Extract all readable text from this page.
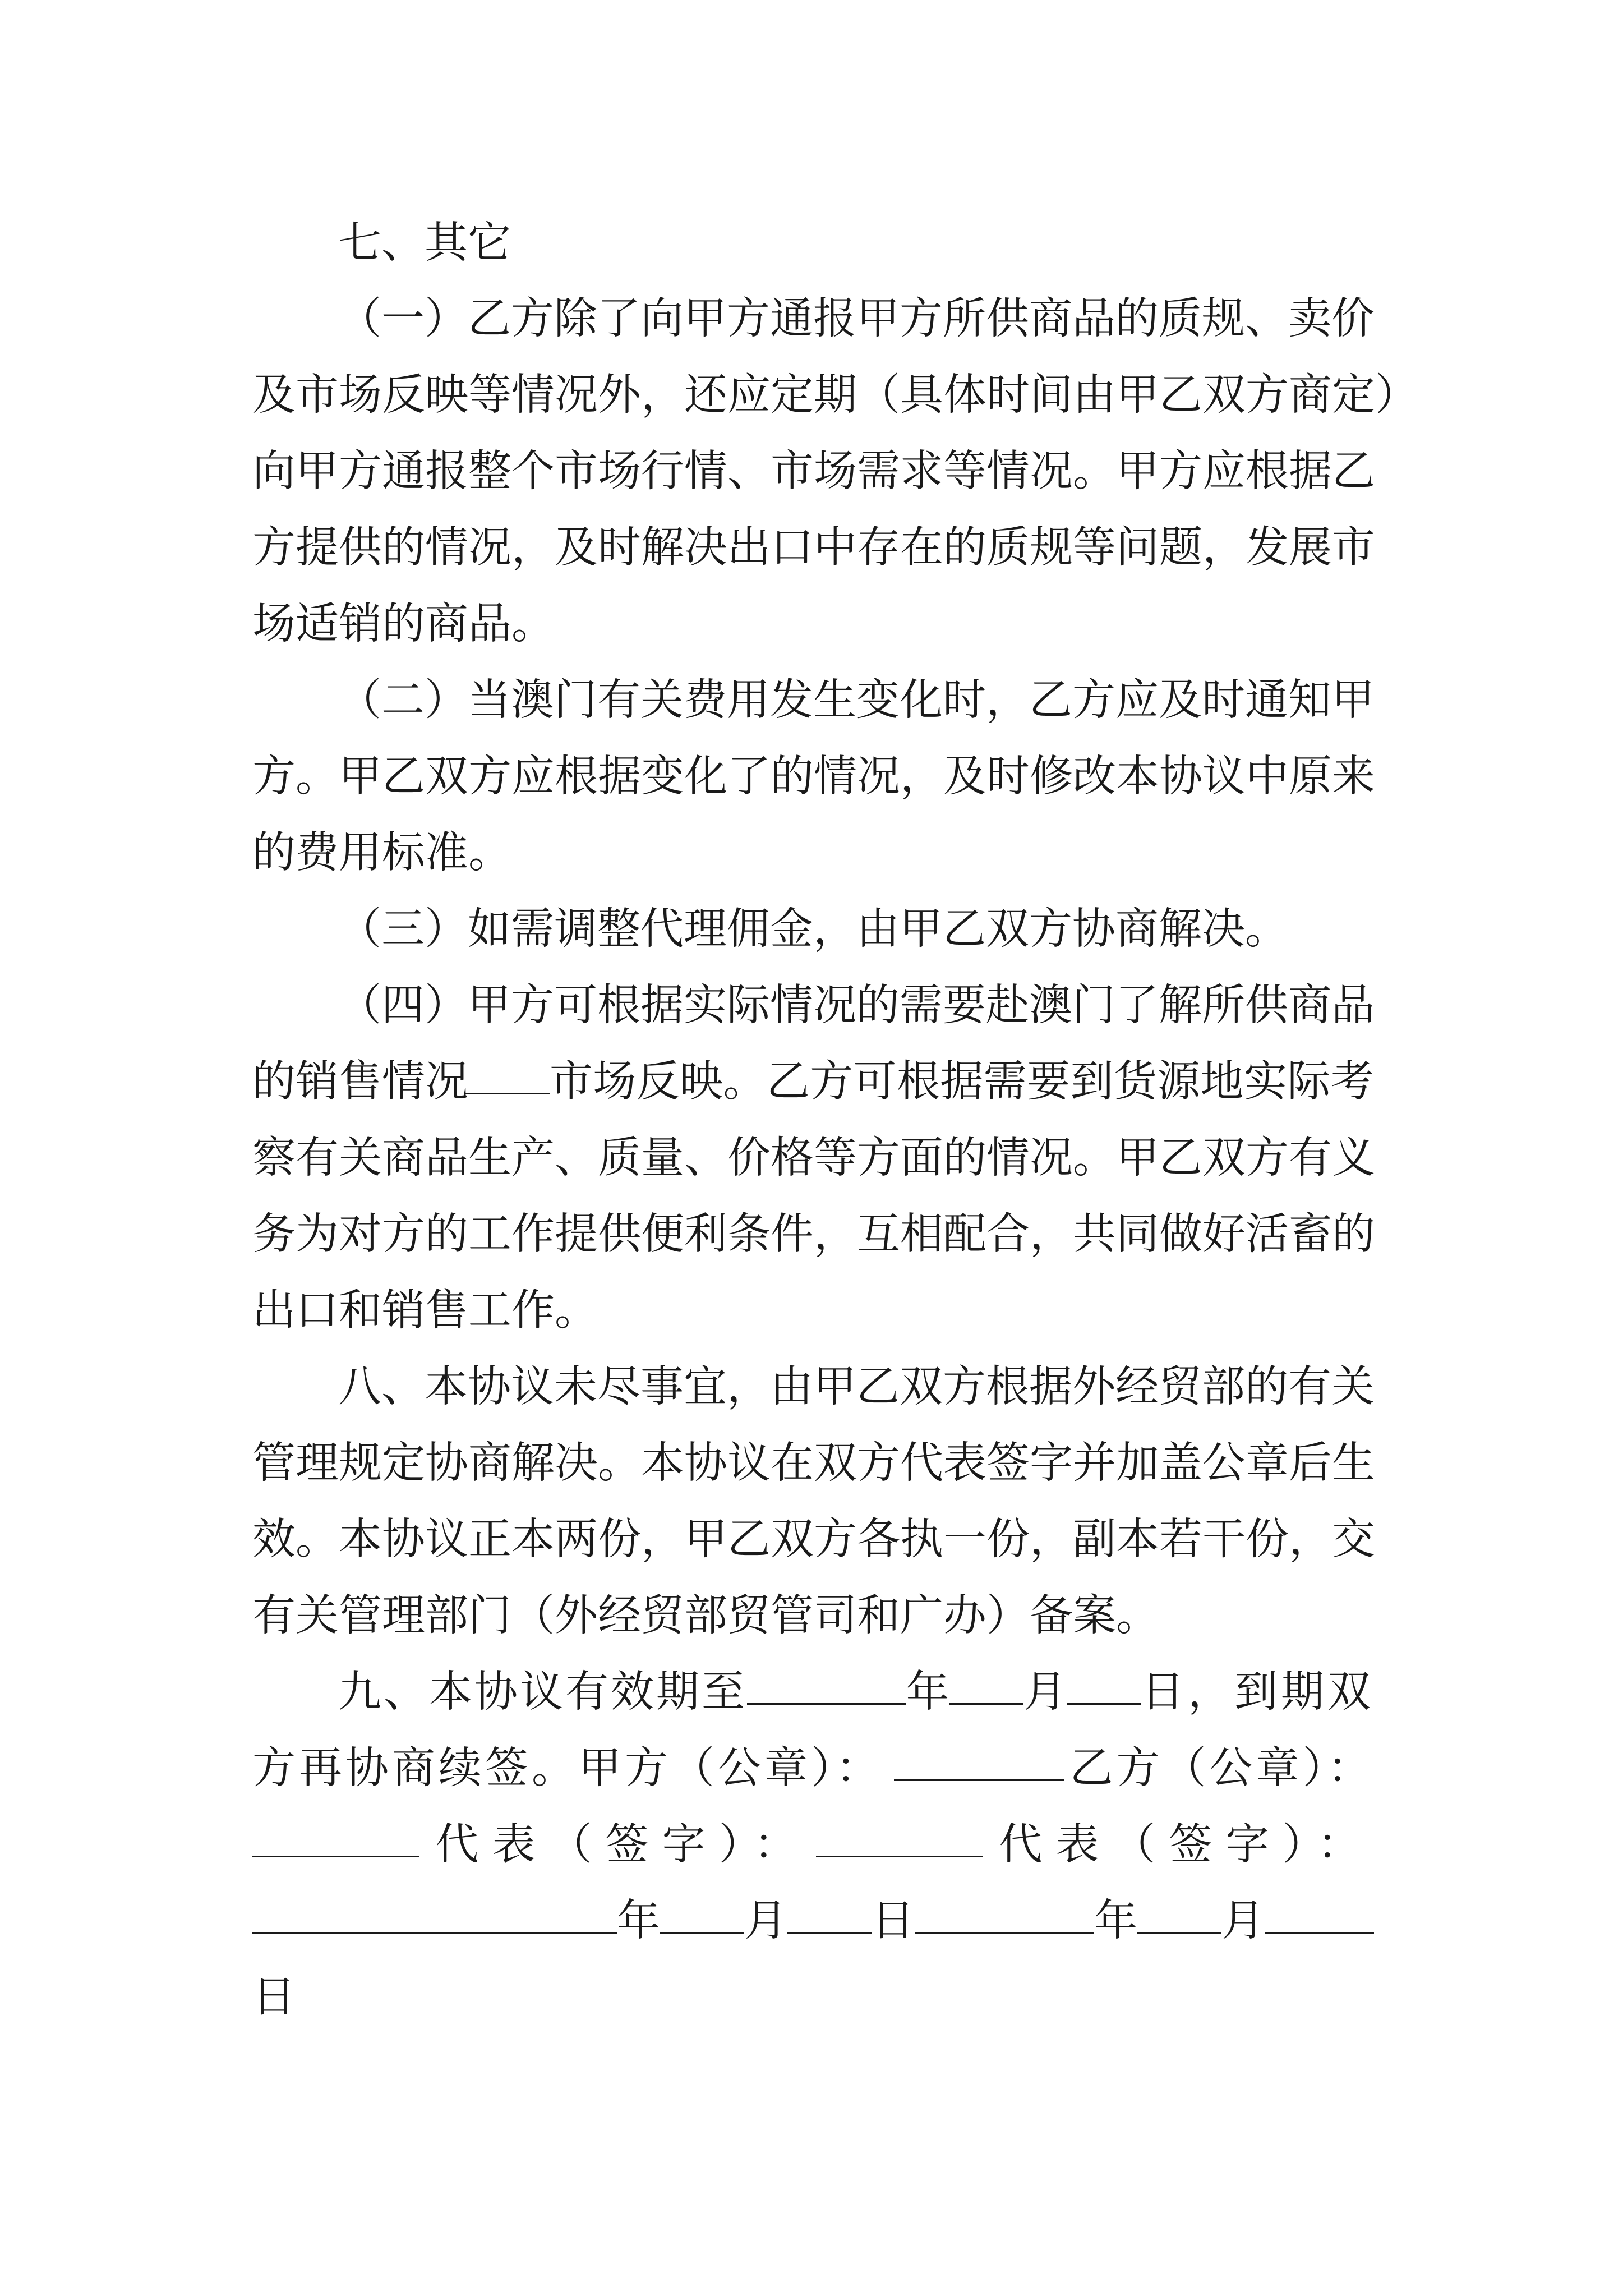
七、其它
（ 一 ） 乙 方 除 了 向 甲 方 通 报 甲 方 所 供 商 品 的 质 规 、 卖 价
及 市 场 反 映 等 情 况 外 ， 还 应 定 期 （ 具 体 时 间 由 甲 乙 双 方 商 定 ）
向 甲 方 通 报 整 个 市 场 行 情 、 市 场 需 求 等 情 况 。 甲 方 应 根 据 乙
方 提 供 的 情 况 ， 及 时 解 决 出 口 中 存 在 的 质 规 等 问 题 ， 发 展 市
场适销的商品。
（ 二 ） 当 澳 门 有 关 费 用 发 生 变 化 时 ， 乙 方 应 及 时 通 知 甲
方 。 甲 乙 双 方 应 根 据 变 化 了 的 情 况 ， 及 时 修 改 本 协 议 中 原 来
的费用标准。
（三）如需调整代理佣金，由甲乙双方协商解决。
（ 四 ） 甲 方 可 根 据 实 际 情 况 的 需 要 赴 澳 门 了 解 所 供 商 品
的 销 售 情 况 市 场 反 映 。 乙 方 可 根 据 需 要 到 货 源 地 实 际 考
察 有 关 商 品 生 产 、 质 量 、 价 格 等 方 面 的 情 况 。 甲 乙 双 方 有 义
务 为 对 方 的 工 作 提 供 便 利 条 件 ， 互 相 配 合 ， 共 同 做 好 活 畜 的
出口和销售工作。
八 、 本 协 议 未 尽 事 宜 ， 由 甲 乙 双 方 根 据 外 经 贸 部 的 有 关
管 理 规 定 协 商 解 决 。 本 协 议 在 双 方 代 表 签 字 并 加 盖 公 章 后 生
效 。 本 协 议 正 本 两 份 ， 甲 乙 双 方 各 执 一 份 ， 副 本 若 干 份 ， 交
有关管理部门（外经贸部贸管司和广办）备案。
九、本协议有效期至	年 月 日，到期双
方再协商续签。甲方（公章）：	乙方（公章）：
代表（签字）：	代表（签字）：
年 月 日	年 月
日
